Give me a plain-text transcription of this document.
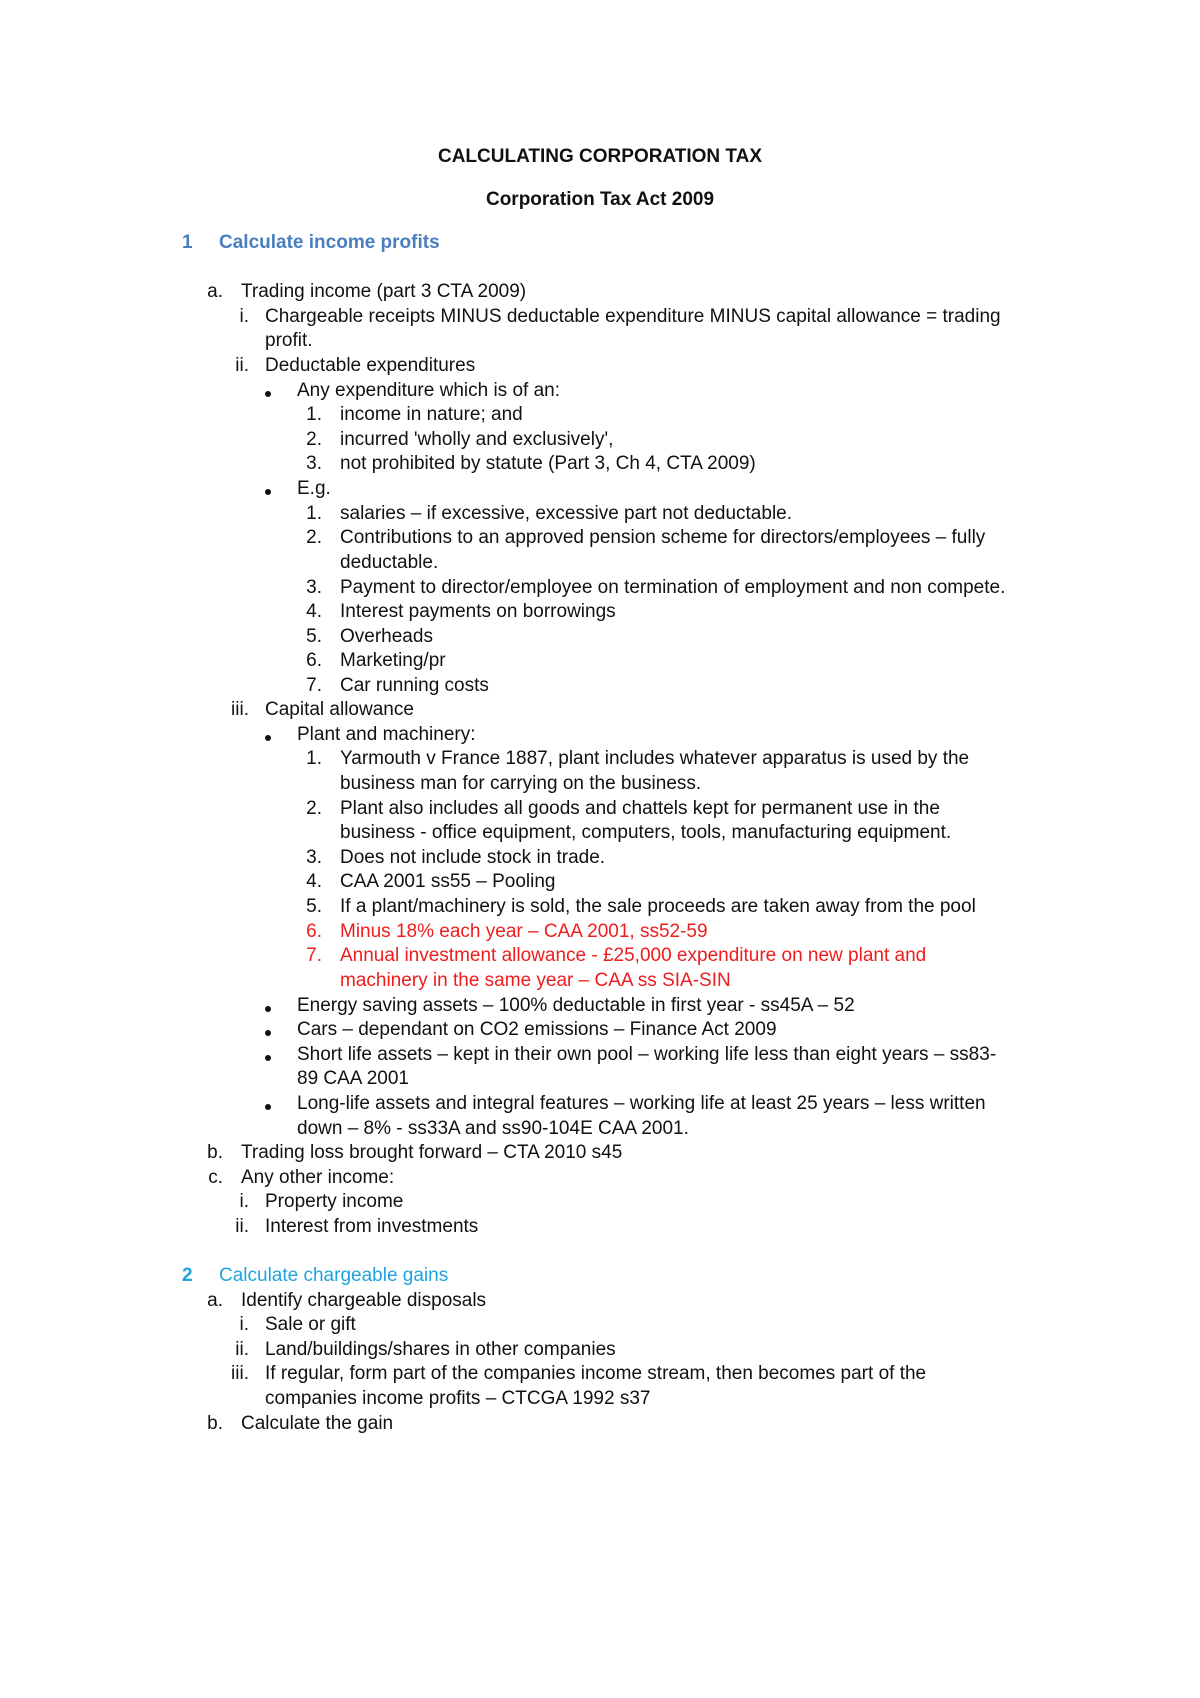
CALCULATING CORPORATION TAX
Corporation Tax Act 2009
1 Calculate income profits
a. Trading income (part 3 CTA 2009)
i. Chargeable receipts MINUS deductable expenditure MINUS capital allowance = trading
profit.
ii. Deductable expenditures
Any expenditure which is of an:
1. income in nature; and
2. incurred 'wholly and exclusively',
3. not prohibited by statute (Part 3, Ch 4, CTA 2009)
E.g.
1. salaries – if excessive, excessive part not deductable.
2. Contributions to an approved pension scheme for directors/employees – fully
deductable.
3. Payment to director/employee on termination of employment and non compete.
4. Interest payments on borrowings
5. Overheads
6. Marketing/pr
7. Car running costs
iii. Capital allowance
Plant and machinery:
1. Yarmouth v France 1887, plant includes whatever apparatus is used by the
business man for carrying on the business.
2. Plant also includes all goods and chattels kept for permanent use in the
business - office equipment, computers, tools, manufacturing equipment.
3. Does not include stock in trade.
4. CAA 2001 ss55 – Pooling
5. If a plant/machinery is sold, the sale proceeds are taken away from the pool
6. Minus 18% each year – CAA 2001, ss52-59
7. Annual investment allowance - £25,000 expenditure on new plant and
machinery in the same year – CAA ss SIA-SIN
Energy saving assets – 100% deductable in first year - ss45A – 52
Cars – dependant on CO2 emissions – Finance Act 2009
Short life assets – kept in their own pool – working life less than eight years – ss83-
89 CAA 2001
Long-life assets and integral features – working life at least 25 years – less written
down – 8% - ss33A and ss90-104E CAA 2001.
b. Trading loss brought forward – CTA 2010 s45
c. Any other income:
i. Property income
ii. Interest from investments
2 Calculate chargeable gains
a. Identify chargeable disposals
i. Sale or gift
ii. Land/buildings/shares in other companies
iii. If regular, form part of the companies income stream, then becomes part of the
companies income profits – CTCGA 1992 s37
b. Calculate the gain
